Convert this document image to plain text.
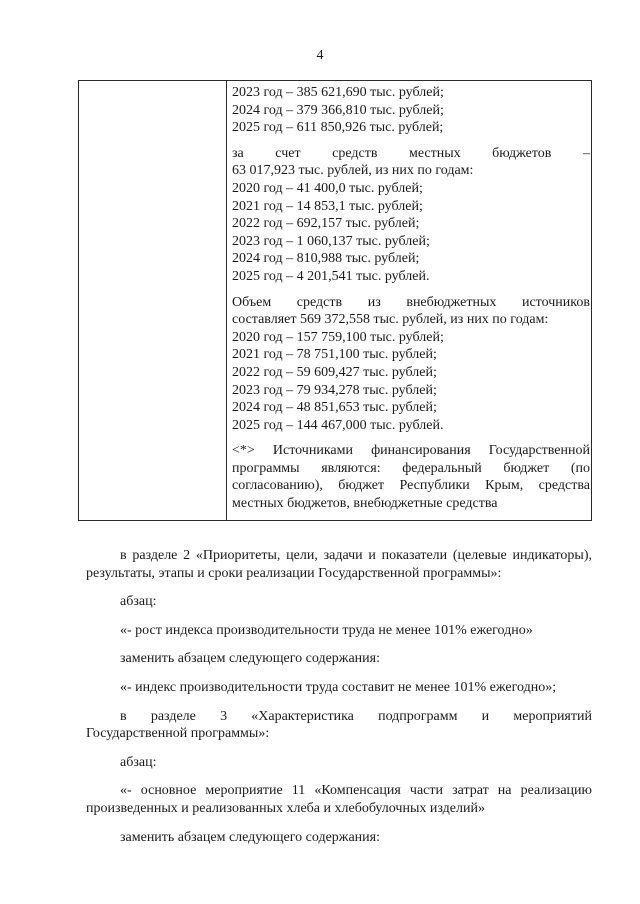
4
2023 год – 385 621,690 тыс. рублей;
2024 год – 379 366,810 тыс. рублей;
2025 год – 611 850,926 тыс. рублей;
за счет средств местных бюджетов –
63 017,923 тыс. рублей, из них по годам:
2020 год – 41 400,0 тыс. рублей;
2021 год – 14 853,1 тыс. рублей;
2022 год – 692,157 тыс. рублей;
2023 год – 1 060,137 тыс. рублей;
2024 год – 810,988 тыс. рублей;
2025 год – 4 201,541 тыс. рублей.
Объем средств из внебюджетных источников
составляет 569 372,558 тыс. рублей, из них по годам:
2020 год – 157 759,100 тыс. рублей;
2021 год – 78 751,100 тыс. рублей;
2022 год – 59 609,427 тыс. рублей;
2023 год – 79 934,278 тыс. рублей;
2024 год – 48 851,653 тыс. рублей;
2025 год – 144 467,000 тыс. рублей.
<*> Источниками финансирования Государственной программы являются: федеральный бюджет (по согласованию), бюджет Республики Крым, средства местных бюджетов, внебюджетные средства

в разделе 2 «Приоритеты, цели, задачи и показатели (целевые индикаторы), результаты, этапы и сроки реализации Государственной программы»:

абзац:

«- рост индекса производительности труда не менее 101% ежегодно»

заменить абзацем следующего содержания:

«- индекс производительности труда составит не менее 101% ежегодно»;

в разделе 3 «Характеристика подпрограмм и мероприятий

Государственной программы»:

абзац:

«- основное мероприятие 11 «Компенсация части затрат на реализацию произведенных и реализованных хлеба и хлебобулочных изделий»

заменить абзацем следующего содержания:
